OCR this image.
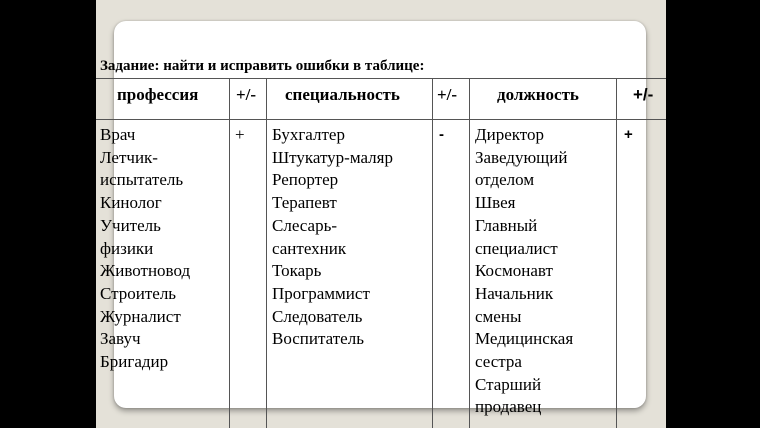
Задание: найти и исправить ошибки в таблице:
профессия +/- специальность +/- должность	+/-
Врач
Летчик-
испытатель
Кинолог
Учитель
физики
Животновод
Строитель
Журналист
Завуч
Бригадир
+ Бухгалтер
Штукатур-маляр
Репортер
Терапевт
Слесарь-
сантехник
Токарь
Программист
Следователь
Воспитатель
- Директор
Заведующий
отделом
Швея
Главный
специалист
Космонавт
Начальник
смены
Медицинская
сестра
Старший
продавец
+
